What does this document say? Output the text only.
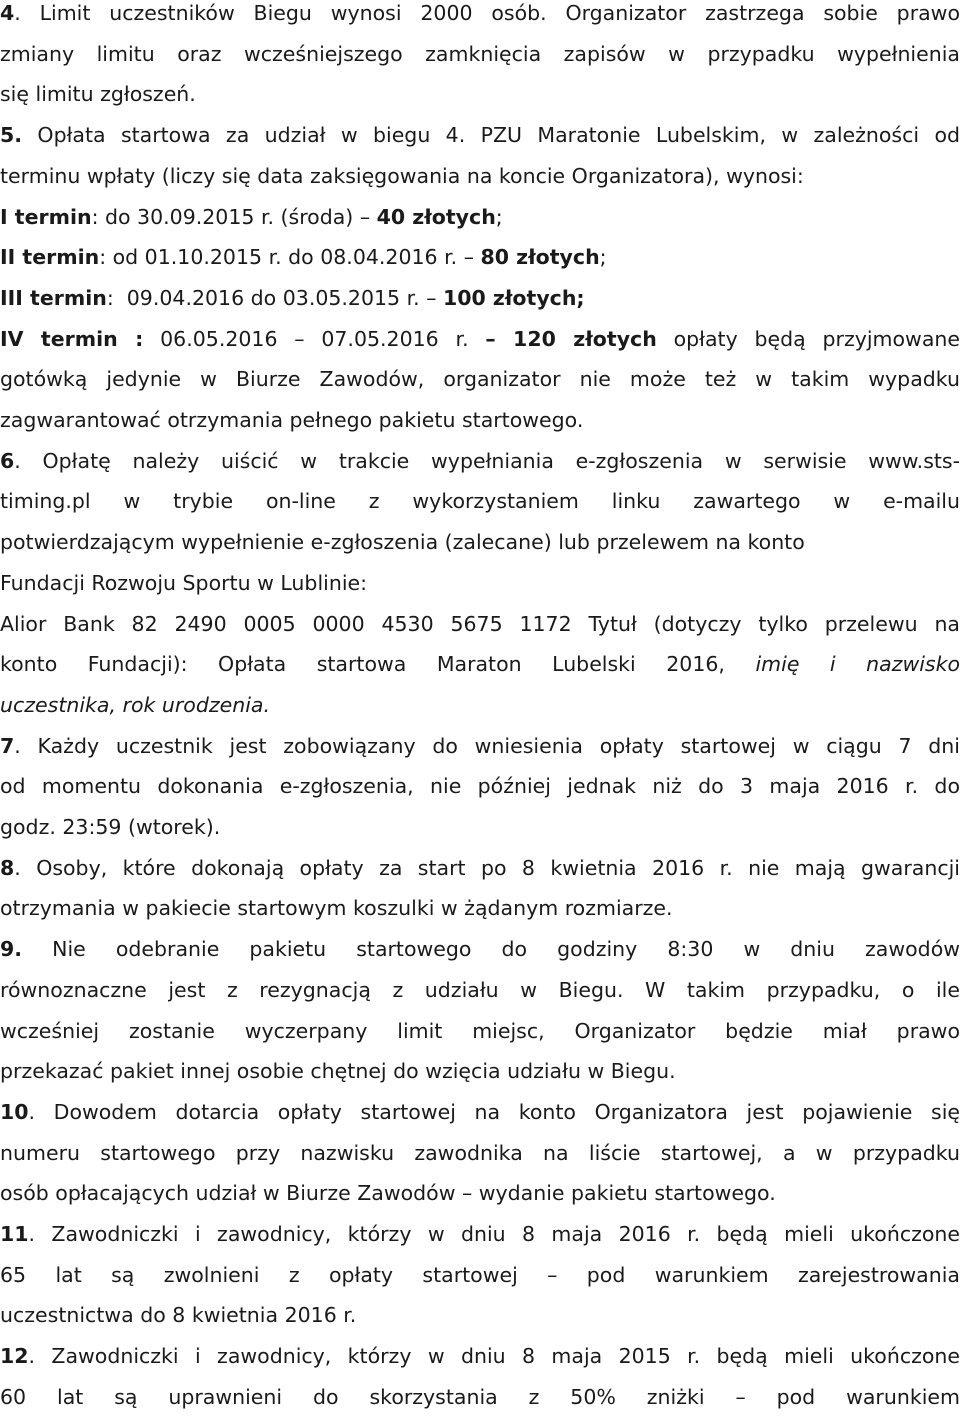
4. Limit uczestników Biegu wynosi 2000 osób. Organizator zastrzega sobie prawo
zmiany limitu oraz wcześniejszego zamknięcia zapisów w przypadku wypełnienia
się limitu zgłoszeń.
5. Opłata startowa za udział w biegu 4. PZU Maratonie Lubelskim, w zależności od
terminu wpłaty (liczy się data zaksięgowania na koncie Organizatora), wynosi:
I termin: do 30.09.2015 r. (środa) – 40 złotych;
II termin: od 01.10.2015 r. do 08.04.2016 r. – 80 złotych;
III termin:  09.04.2016 do 03.05.2015 r. – 100 złotych;
IV termin : 06.05.2016 – 07.05.2016 r. – 120 złotych opłaty będą przyjmowane
gotówką jedynie w Biurze Zawodów, organizator nie może też w takim wypadku
zagwarantować otrzymania pełnego pakietu startowego.
6. Opłatę należy uiścić w trakcie wypełniania e-zgłoszenia w serwisie www.sts-
timing.pl w trybie on-line z wykorzystaniem linku zawartego w e-mailu
potwierdzającym wypełnienie e-zgłoszenia (zalecane) lub przelewem na konto
Fundacji Rozwoju Sportu w Lublinie:
Alior Bank 82 2490 0005 0000 4530 5675 1172 Tytuł (dotyczy tylko przelewu na
konto Fundacji): Opłata startowa Maraton Lubelski 2016, imię i nazwisko
uczestnika, rok urodzenia.
7. Każdy uczestnik jest zobowiązany do wniesienia opłaty startowej w ciągu 7 dni
od momentu dokonania e-zgłoszenia, nie później jednak niż do 3 maja 2016 r. do
godz. 23:59 (wtorek).
8. Osoby, które dokonają opłaty za start po 8 kwietnia 2016 r. nie mają gwarancji
otrzymania w pakiecie startowym koszulki w żądanym rozmiarze.
9. Nie odebranie pakietu startowego do godziny 8:30 w dniu zawodów
równoznaczne jest z rezygnacją z udziału w Biegu. W takim przypadku, o ile
wcześniej zostanie wyczerpany limit miejsc, Organizator będzie miał prawo
przekazać pakiet innej osobie chętnej do wzięcia udziału w Biegu.
10. Dowodem dotarcia opłaty startowej na konto Organizatora jest pojawienie się
numeru startowego przy nazwisku zawodnika na liście startowej, a w przypadku
osób opłacających udział w Biurze Zawodów – wydanie pakietu startowego.
11. Zawodniczki i zawodnicy, którzy w dniu 8 maja 2016 r. będą mieli ukończone
65 lat są zwolnieni z opłaty startowej – pod warunkiem zarejestrowania
uczestnictwa do 8 kwietnia 2016 r.
12. Zawodniczki i zawodnicy, którzy w dniu 8 maja 2015 r. będą mieli ukończone
60 lat są uprawnieni do skorzystania z 50% zniżki – pod warunkiem
